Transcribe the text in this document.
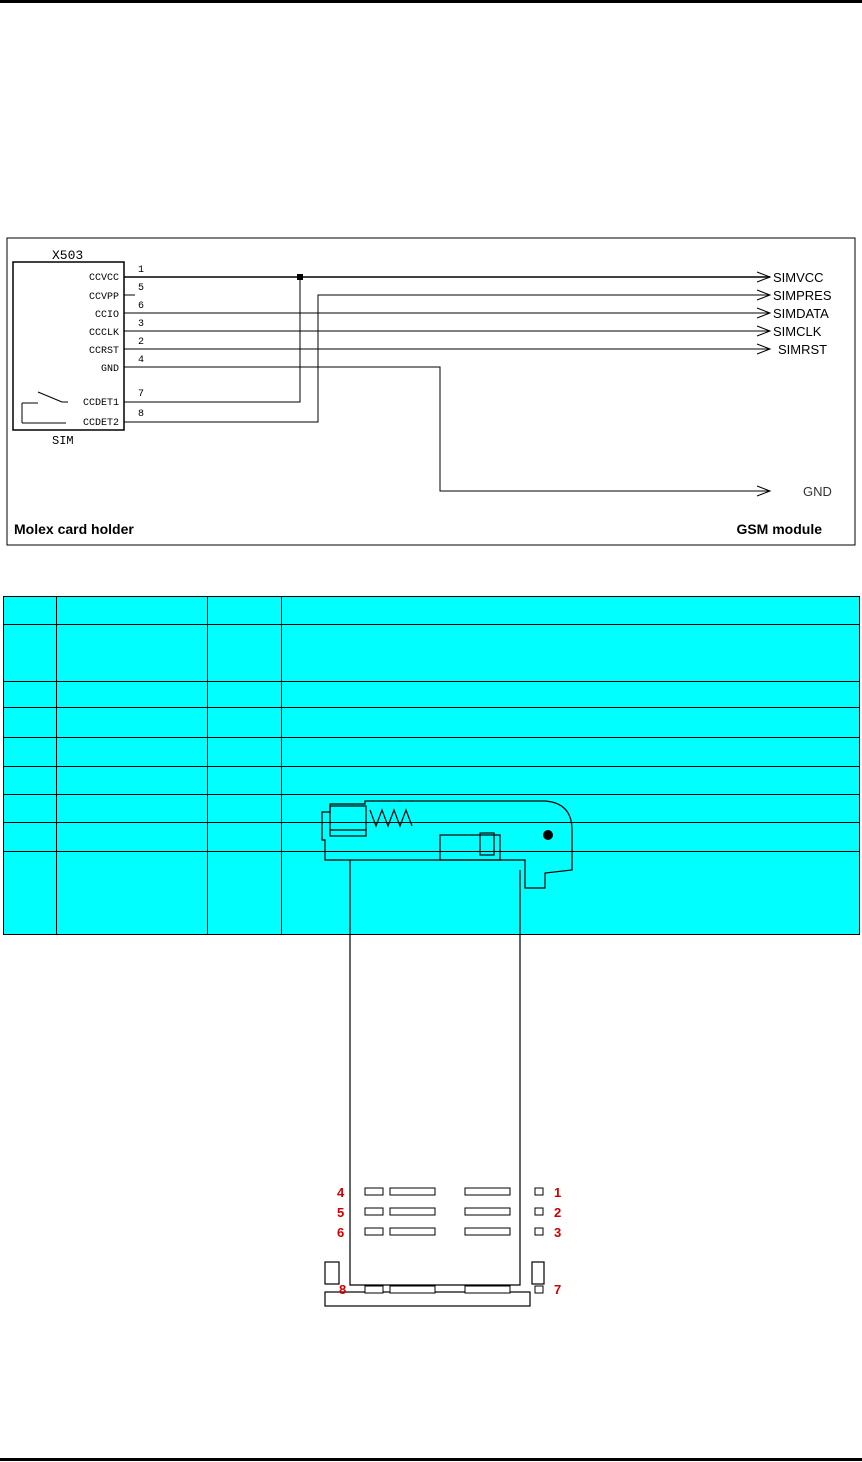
X503
SIM
CCVCC
CCVPP
CCIO
CCCLK
CCRST
GND
CCDET1
CCDET2
1
5
6
3
2
4
7
8
SIMVCC
SIMPRES
SIMDATA
SIMCLK
SIMRST
GND
Molex card holder	GSM module

4
5
6
8
1
2
3
7
